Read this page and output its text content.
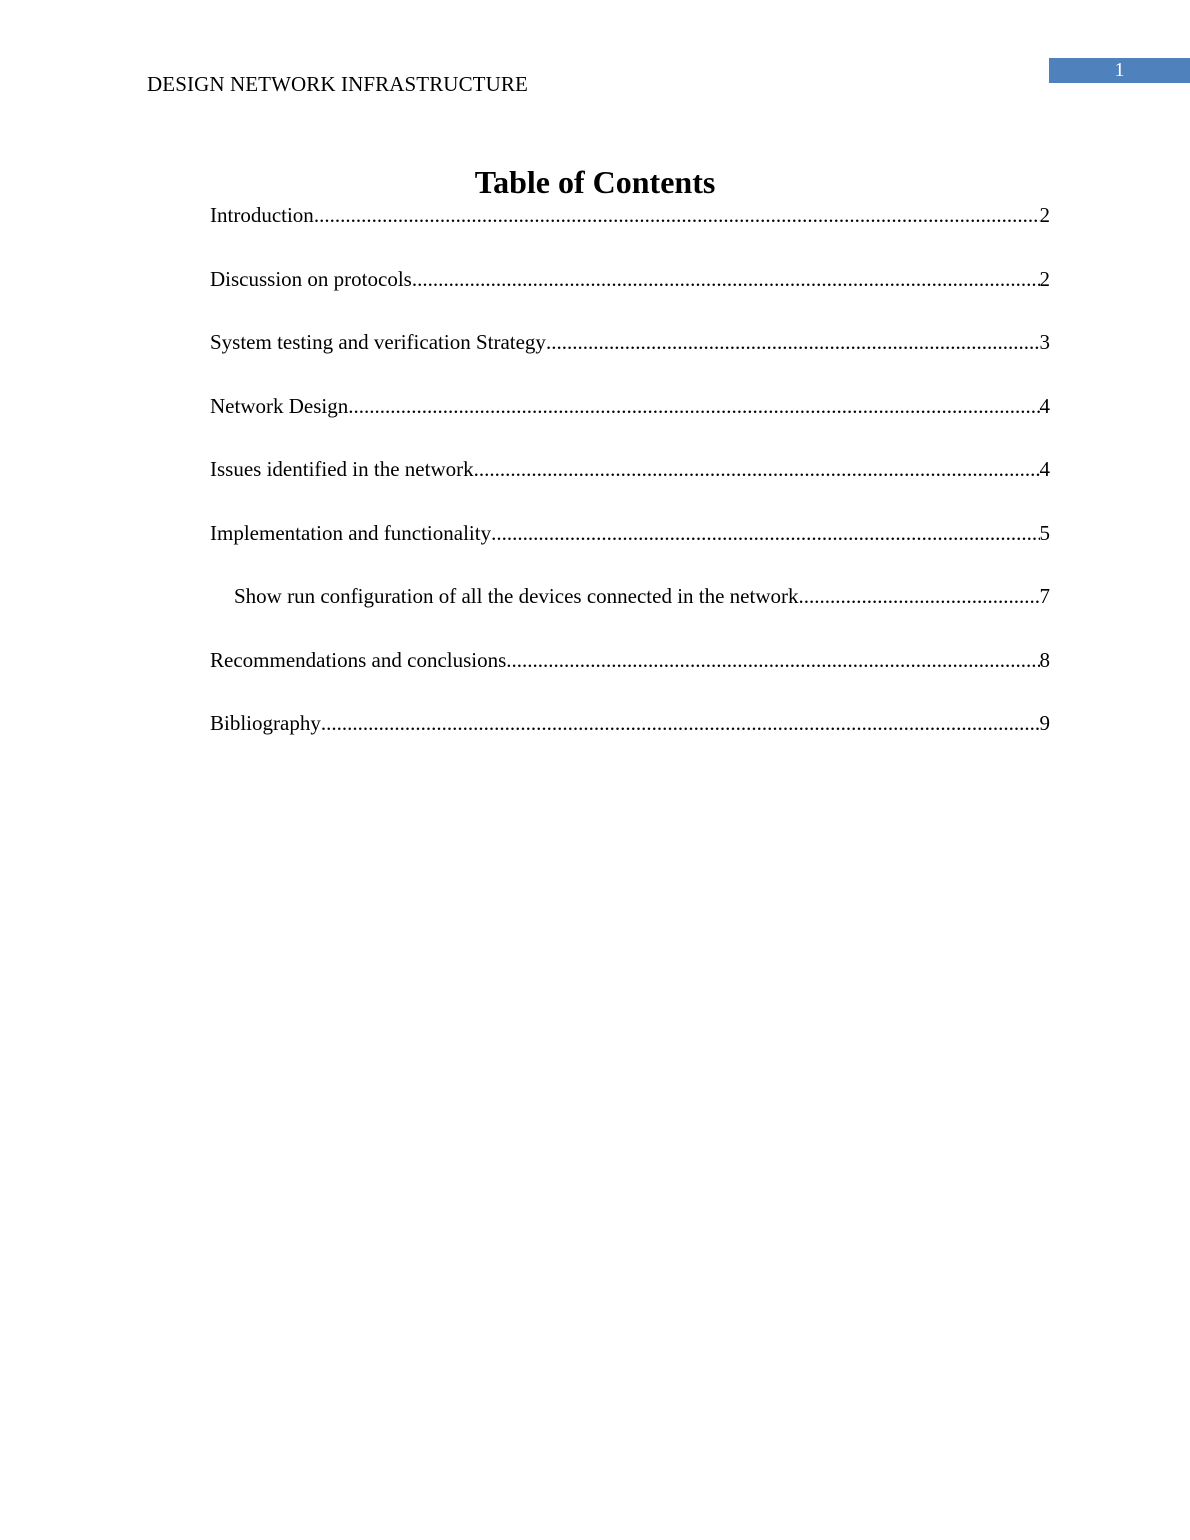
DESIGN NETWORK INFRASTRUCTURE
1
Table of Contents
Introduction .....	2
Discussion on protocols .....	2
System testing and verification Strategy .....	3
Network Design .....	4
Issues identified in the network .....	4
Implementation and functionality .....	5
Show run configuration of all the devices connected in the network .....	7
Recommendations and conclusions .....	8
Bibliography .....	9
